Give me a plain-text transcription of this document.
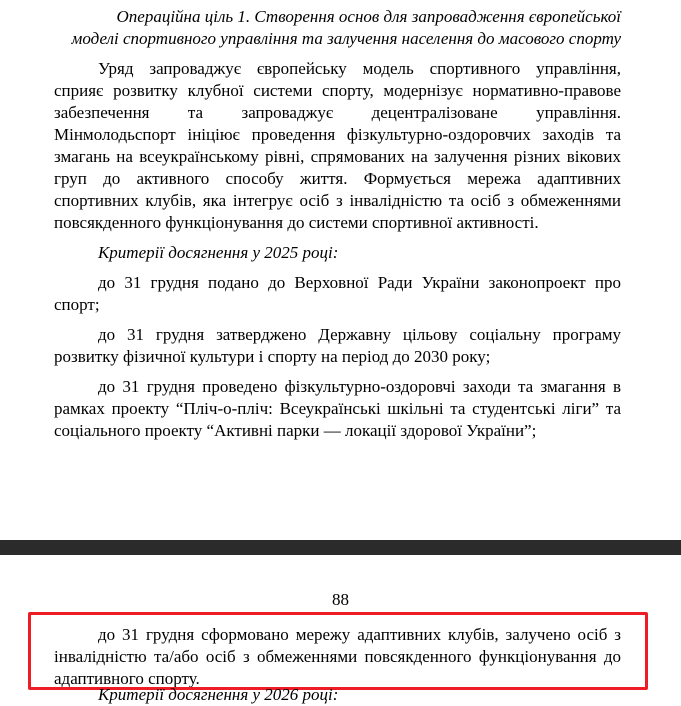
Операційна ціль 1. Створення основ для запровадження європейської
моделі спортивного управління та залучення населення до масового спорту
Уряд запроваджує європейську модель спортивного управління,
сприяє розвитку клубної системи спорту, модернізує нормативно-правове
забезпечення та запроваджує децентралізоване управління.
Мінмолодьспорт ініціює проведення фізкультурно-оздоровчих заходів та
змагань на всеукраїнському рівні, спрямованих на залучення різних вікових
груп до активного способу життя. Формується мережа адаптивних
спортивних клубів, яка інтегрує осіб з інвалідністю та осіб з обмеженнями
повсякденного функціонування до системи спортивної активності.
Критерії досягнення у 2025 році:
до 31 грудня подано до Верховної Ради України законопроект про
спорт;
до 31 грудня затверджено Державну цільову соціальну програму
розвитку фізичної культури і спорту на період до 2030 року;
до 31 грудня проведено фізкультурно-оздоровчі заходи та змагання в
рамках проекту “Пліч-о-пліч: Всеукраїнські шкільні та студентські ліги” та
соціального проекту “Активні парки — локації здорової України”;
88
до 31 грудня сформовано мережу адаптивних клубів, залучено осіб з
інвалідністю та/або осіб з обмеженнями повсякденного функціонування до
адаптивного спорту.
Критерії досягнення у 2026 році:
